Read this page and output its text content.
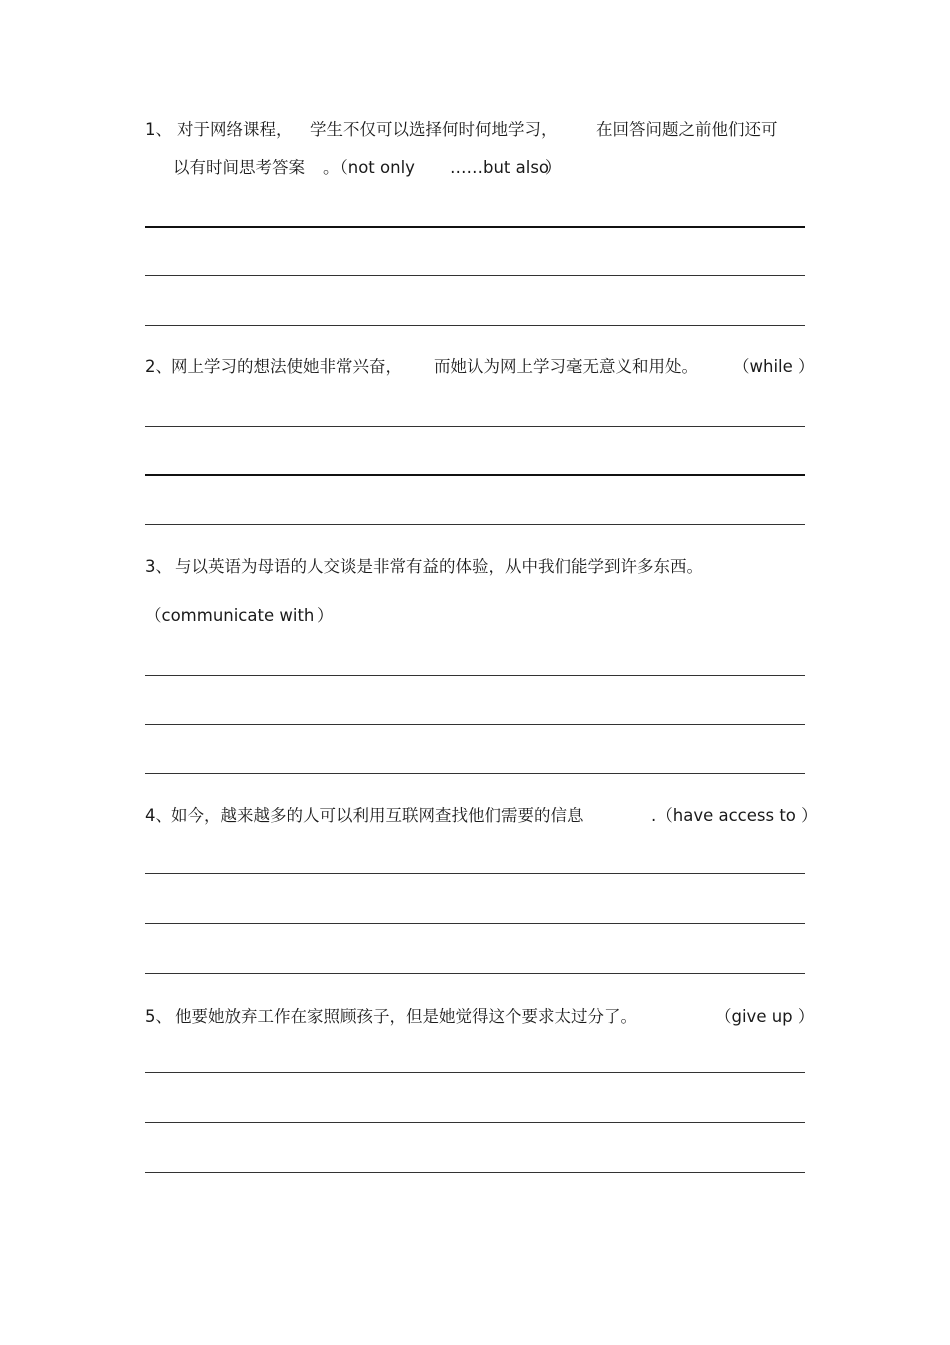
1、 对于网络课程， 学生不仅可以选择何时何地学习， 在回答问题之前他们还可
以有时间思考答案 。（not only ……but also
）
2、 网上学习的想法使她非常兴奋， 而她认为网上学习毫无意义和用处。 （while ）
3、 与以英语为母语的人交谈是非常有益的体验，从中我们能学到许多东西。
（communicate with ）
4、 如今，越来越多的人可以利用互联网查找他们需要的信息	.（have access to ）
5、 他要她放弃工作在家照顾孩子，但是她觉得这个要求太过分了。	（give up ）
